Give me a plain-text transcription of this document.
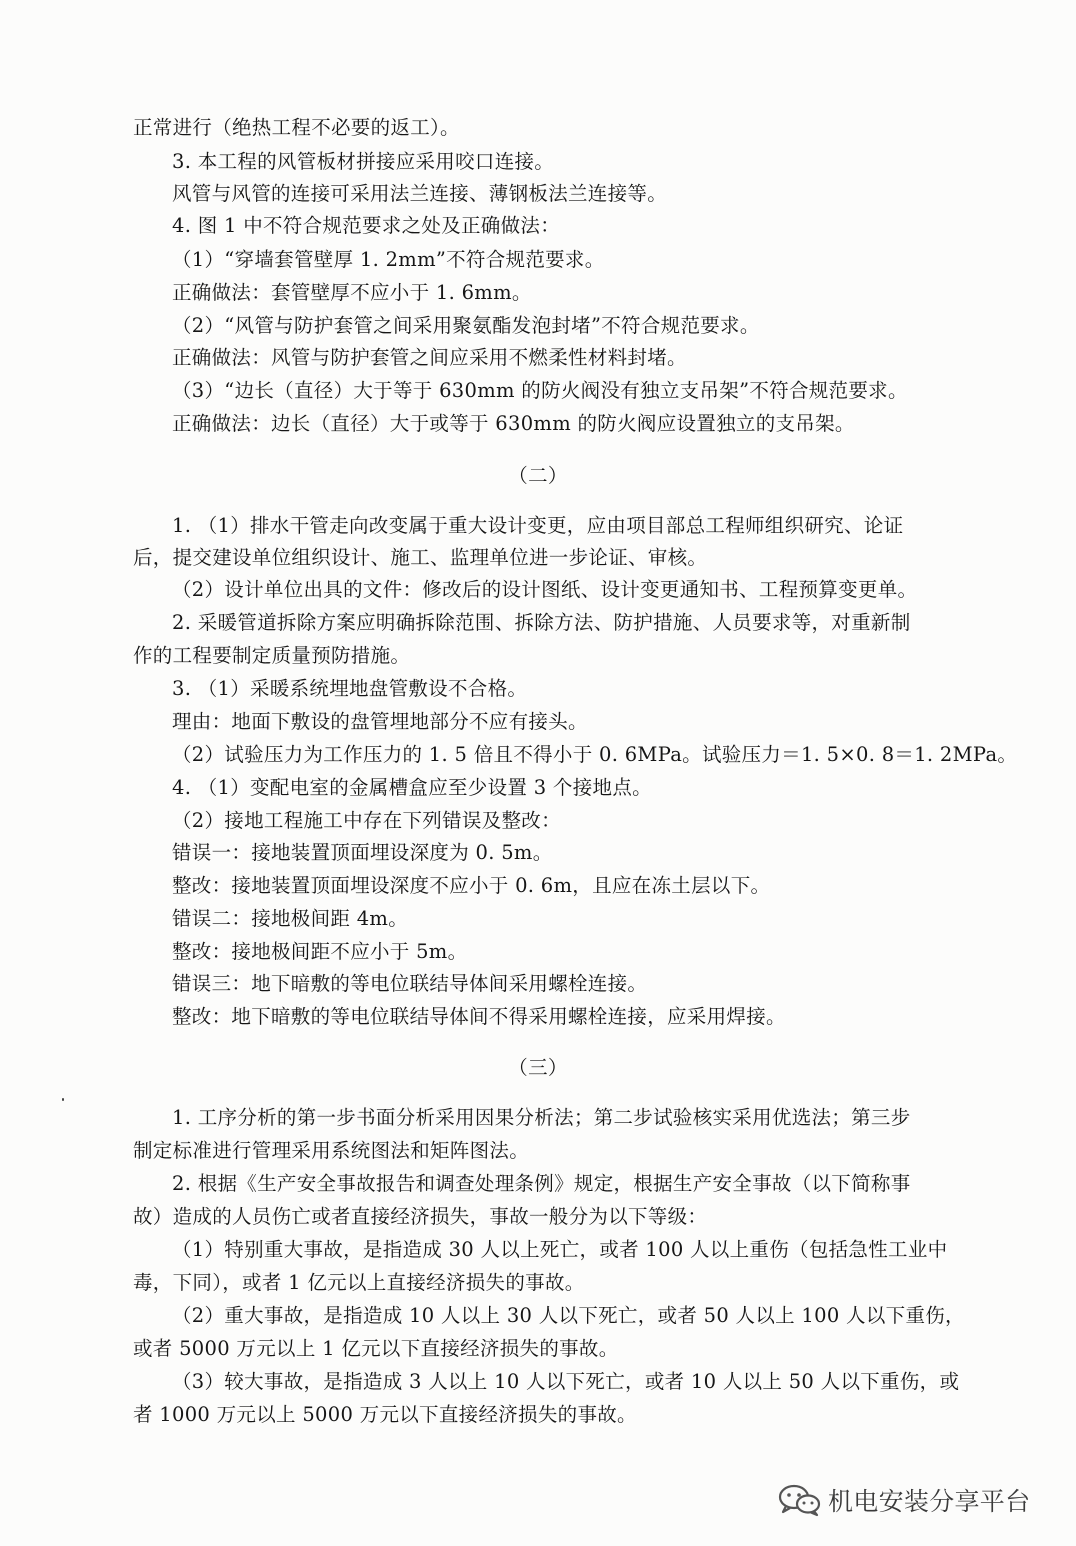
正常进行（绝热工程不必要的返工）。
3. 本工程的风管板材拼接应采用咬口连接。
风管与风管的连接可采用法兰连接、薄钢板法兰连接等。
4. 图 1 中不符合规范要求之处及正确做法：
（1）“穿墙套管壁厚 1. 2mm”不符合规范要求。
正确做法：套管壁厚不应小于 1. 6mm。
（2）“风管与防护套管之间采用聚氨酯发泡封堵”不符合规范要求。
正确做法：风管与防护套管之间应采用不燃柔性材料封堵。
（3）“边长（直径）大于等于 630mm 的防火阀没有独立支吊架”不符合规范要求。
正确做法：边长（直径）大于或等于 630mm 的防火阀应设置独立的支吊架。
（二）
1. （1）排水干管走向改变属于重大设计变更，应由项目部总工程师组织研究、论证
后，提交建设单位组织设计、施工、监理单位进一步论证、审核。
（2）设计单位出具的文件：修改后的设计图纸、设计变更通知书、工程预算变更单。
2. 采暖管道拆除方案应明确拆除范围、拆除方法、防护措施、人员要求等，对重新制
作的工程要制定质量预防措施。
3. （1）采暖系统埋地盘管敷设不合格。
理由：地面下敷设的盘管埋地部分不应有接头。
（2）试验压力为工作压力的 1. 5 倍且不得小于 0. 6MPa。试验压力＝1. 5×0. 8＝1. 2MPa。
4. （1）变配电室的金属槽盒应至少设置 3 个接地点。
（2）接地工程施工中存在下列错误及整改：
错误一：接地装置顶面埋设深度为 0. 5m。
整改：接地装置顶面埋设深度不应小于 0. 6m，且应在冻土层以下。
错误二：接地极间距 4m。
整改：接地极间距不应小于 5m。
错误三：地下暗敷的等电位联结导体间采用螺栓连接。
整改：地下暗敷的等电位联结导体间不得采用螺栓连接，应采用焊接。
（三）
1. 工序分析的第一步书面分析采用因果分析法；第二步试验核实采用优选法；第三步
制定标准进行管理采用系统图法和矩阵图法。
2. 根据《生产安全事故报告和调查处理条例》规定，根据生产安全事故（以下简称事
故）造成的人员伤亡或者直接经济损失，事故一般分为以下等级：
（1）特别重大事故，是指造成 30 人以上死亡，或者 100 人以上重伤（包括急性工业中
毒，下同），或者 1 亿元以上直接经济损失的事故。
（2）重大事故，是指造成 10 人以上 30 人以下死亡，或者 50 人以上 100 人以下重伤，
或者 5000 万元以上 1 亿元以下直接经济损失的事故。
（3）较大事故，是指造成 3 人以上 10 人以下死亡，或者 10 人以上 50 人以下重伤，或
者 1000 万元以上 5000 万元以下直接经济损失的事故。
机电安装分享平台
